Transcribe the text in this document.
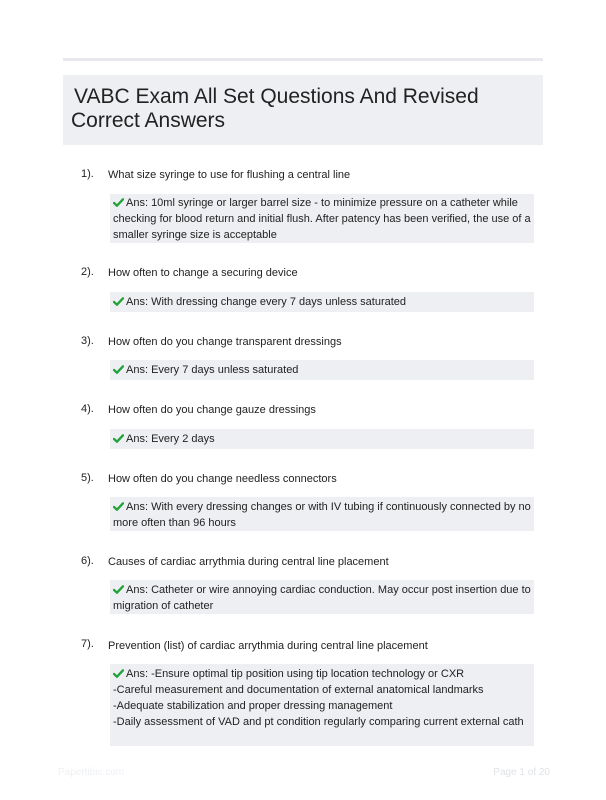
VABC Exam All Set Questions And Revised
Correct Answers
1). What size syringe to use for flushing a central line
Ans: 10ml syringe or larger barrel size - to minimize pressure on a catheter while
checking for blood return and initial flush. After patency has been verified, the use of a
smaller syringe size is acceptable
2). How often to change a securing device
Ans: With dressing change every 7 days unless saturated
3). How often do you change transparent dressings
Ans: Every 7 days unless saturated
4). How often do you change gauze dressings
Ans: Every 2 days
5). How often do you change needless connectors
Ans: With every dressing changes or with IV tubing if continuously connected by no
more often than 96 hours
6). Causes of cardiac arrythmia during central line placement
Ans: Catheter or wire annoying cardiac conduction. May occur post insertion due to
migration of catheter
7). Prevention (list) of cardiac arrythmia during central line placement
Ans: -Ensure optimal tip position using tip location technology or CXR
-Careful measurement and documentation of external anatomical landmarks
-Adequate stabilization and proper dressing management
-Daily assessment of VAD and pt condition regularly comparing current external cath
Papertibic.com	Page 1 of 20
